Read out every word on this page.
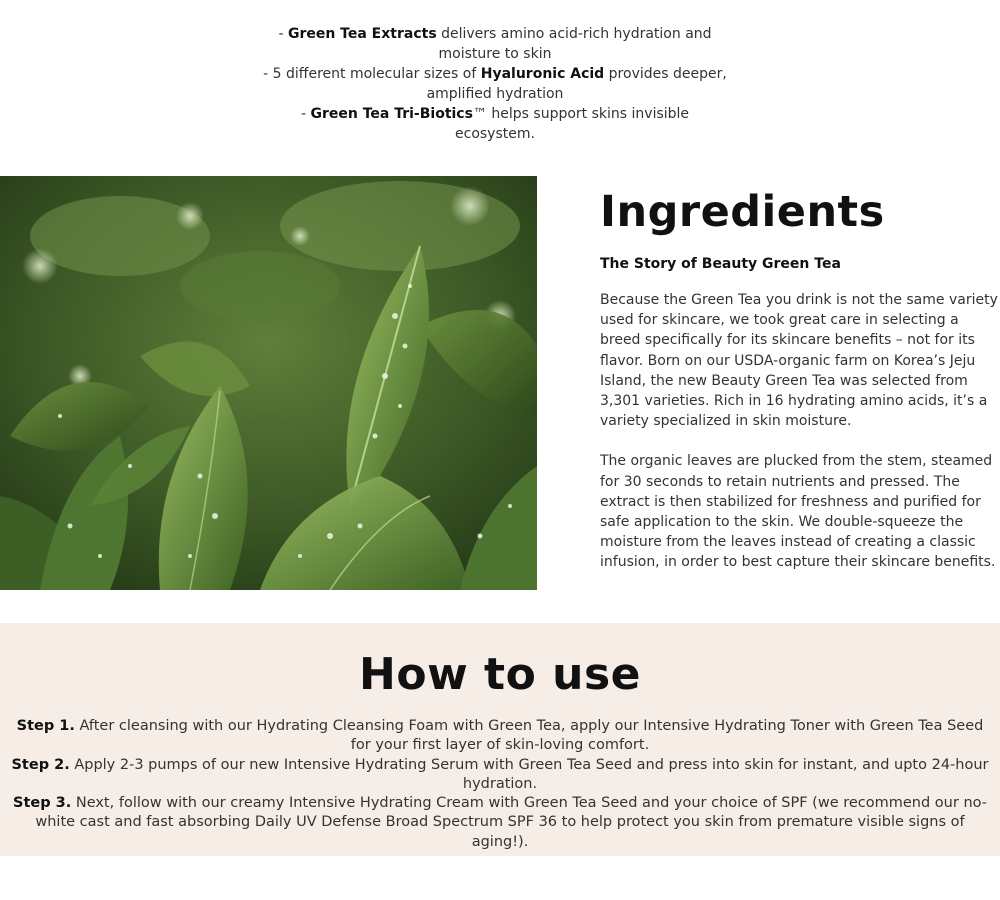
- Green Tea Extracts delivers amino acid-rich hydration and moisture to skin
- 5 different molecular sizes of Hyaluronic Acid provides deeper, amplified hydration
- Green Tea Tri-Biotics™ helps support skins invisible ecosystem.
Ingredients
The Story of Beauty Green Tea

Because the Green Tea you drink is not the same variety used for skincare, we took great care in selecting a breed specifically for its skincare benefits – not for its flavor. Born on our USDA-organic farm on Korea’s Jeju Island, the new Beauty Green Tea was selected from 3,301 varieties. Rich in 16 hydrating amino acids, it’s a variety specialized in skin moisture.

The organic leaves are plucked from the stem, steamed for 30 seconds to retain nutrients and pressed. The extract is then stabilized for freshness and purified for safe application to the skin. We double-squeeze the moisture from the leaves instead of creating a classic infusion, in order to best capture their skincare benefits.

How to use
Step 1. After cleansing with our Hydrating Cleansing Foam with Green Tea, apply our Intensive Hydrating Toner with Green Tea Seed for your first layer of skin-loving comfort.
Step 2. Apply 2-3 pumps of our new Intensive Hydrating Serum with Green Tea Seed and press into skin for instant, and upto 24-hour hydration.
Step 3. Next, follow with our creamy Intensive Hydrating Cream with Green Tea Seed and your choice of SPF (we recommend our no-white cast and fast absorbing Daily UV Defense Broad Spectrum SPF 36 to help protect you skin from premature visible signs of aging!).
